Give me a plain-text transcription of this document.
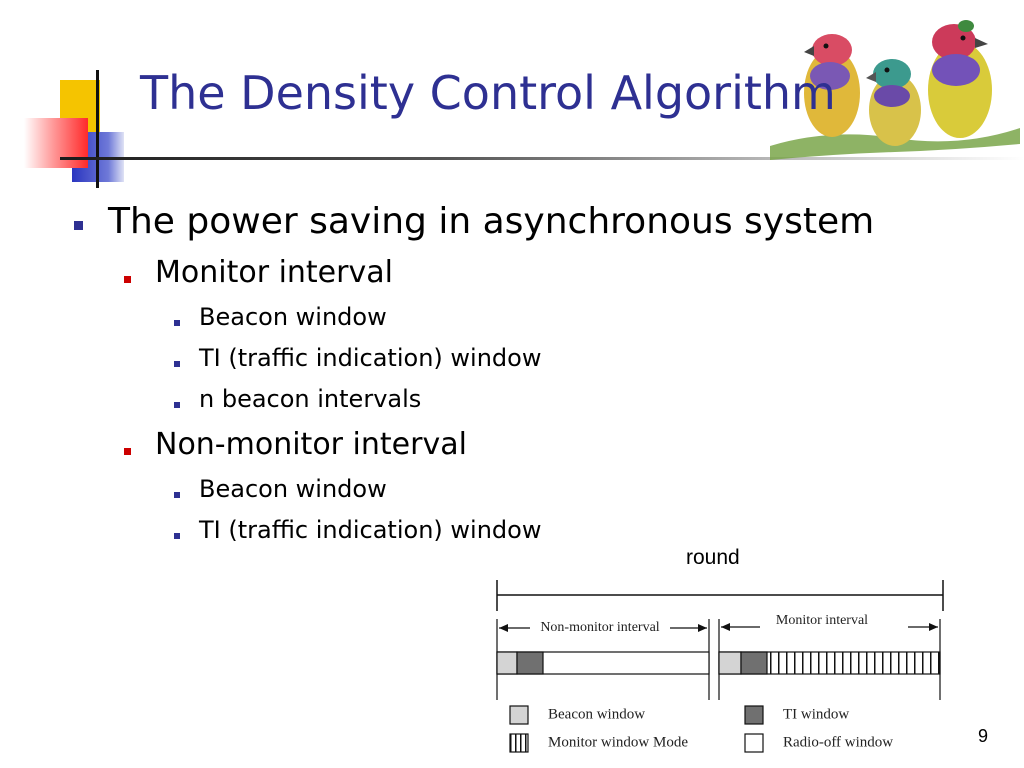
The Density Control Algorithm
The power saving in asynchronous system
Monitor interval
Beacon window
TI (traffic indication) window
n beacon intervals
Non-monitor interval
Beacon window
TI (traffic indication) window
round
Non-monitor interval	Monitor interval
Beacon window	TI window
Monitor window Mode	Radio-off window	9
